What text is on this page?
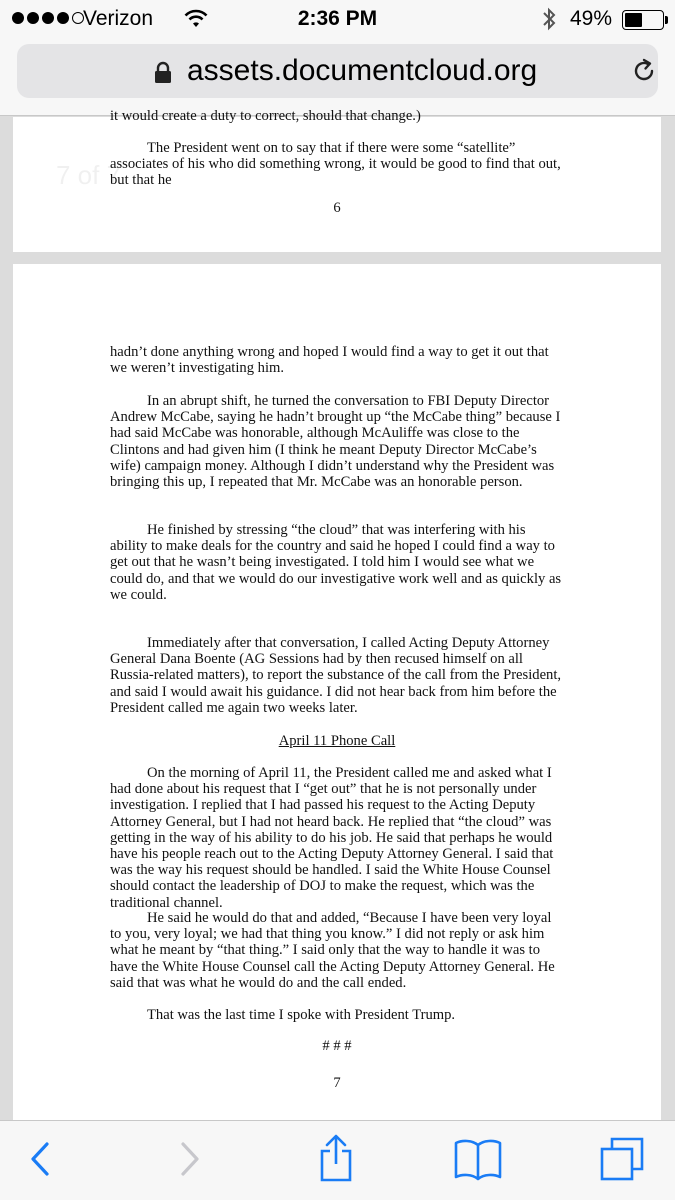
Verizon	2:36 PM	49%
assets.documentcloud.org
it would create a duty to correct, should that change.)
7 of 7
The President went on to say that if there were some “satellite” associates of his who did something wrong, it would be good to find that out, but that he
6
hadn’t done anything wrong and hoped I would find a way to get it out that we weren’t investigating him.
In an abrupt shift, he turned the conversation to FBI Deputy Director Andrew McCabe, saying he hadn’t brought up “the McCabe thing” because I had said McCabe was honorable, although McAuliffe was close to the Clintons and had given him (I think he meant Deputy Director McCabe’s wife) campaign money. Although I didn’t understand why the President was bringing this up, I repeated that Mr. McCabe was an honorable person.
He finished by stressing “the cloud” that was interfering with his ability to make deals for the country and said he hoped I could find a way to get out that he wasn’t being investigated. I told him I would see what we could do, and that we would do our investigative work well and as quickly as we could.
Immediately after that conversation, I called Acting Deputy Attorney General Dana Boente (AG Sessions had by then recused himself on all Russia-related matters), to report the substance of the call from the President, and said I would await his guidance. I did not hear back from him before the President called me again two weeks later.
April 11 Phone Call
On the morning of April 11, the President called me and asked what I had done about his request that I “get out” that he is not personally under investigation. I replied that I had passed his request to the Acting Deputy Attorney General, but I had not heard back. He replied that “the cloud” was getting in the way of his ability to do his job. He said that perhaps he would have his people reach out to the Acting Deputy Attorney General. I said that was the way his request should be handled. I said the White House Counsel should contact the leadership of DOJ to make the request, which was the traditional channel.
He said he would do that and added, “Because I have been very loyal to you, very loyal; we had that thing you know.” I did not reply or ask him what he meant by “that thing.” I said only that the way to handle it was to have the White House Counsel call the Acting Deputy Attorney General. He said that was what he would do and the call ended.
That was the last time I spoke with President Trump.
# # #
7
